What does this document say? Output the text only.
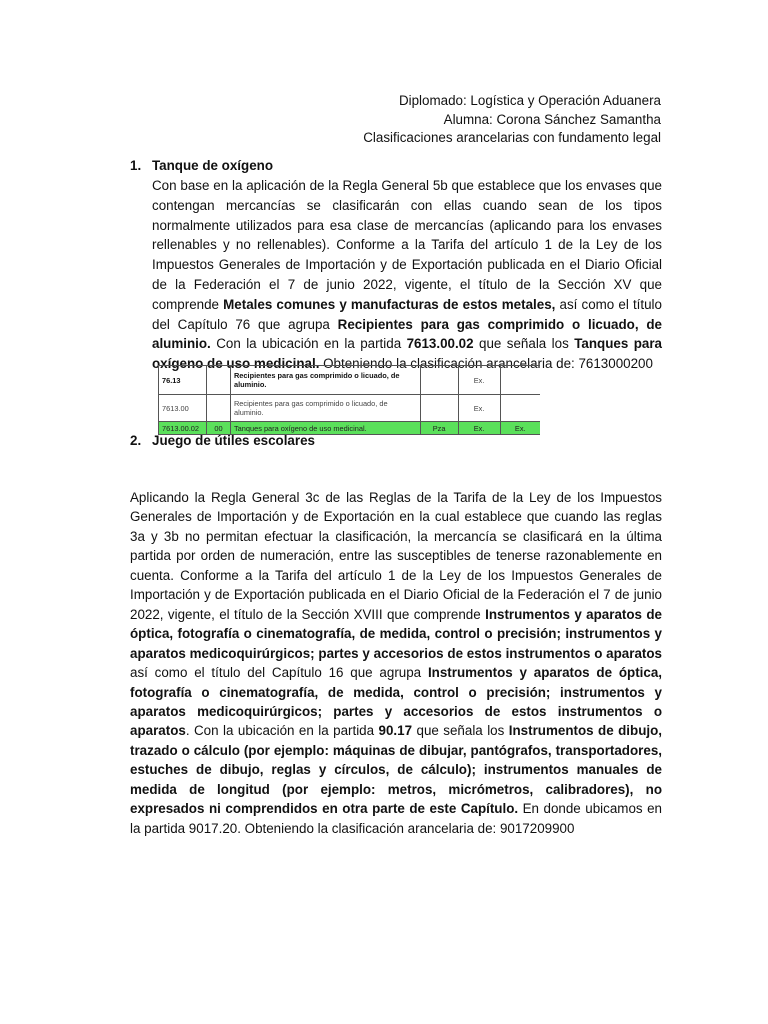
Diplomado: Logística y Operación Aduanera
Alumna: Corona Sánchez Samantha
Clasificaciones arancelarias con fundamento legal
1. Tanque de oxígeno
Con base en la aplicación de la Regla General 5b que establece que los envases que contengan mercancías se clasificarán con ellas cuando sean de los tipos normalmente utilizados para esa clase de mercancías (aplicando para los envases rellenables y no rellenables). Conforme a la Tarifa del artículo 1 de la Ley de los Impuestos Generales de Importación y de Exportación publicada en el Diario Oficial de la Federación el 7 de junio 2022, vigente, el título de la Sección XV que comprende Metales comunes y manufacturas de estos metales, así como el título del Capítulo 76 que agrupa Recipientes para gas comprimido o licuado, de aluminio. Con la ubicación en la partida 7613.00.02 que señala los Tanques para oxígeno de uso medicinal. Obteniendo la clasificación arancelaria de: 7613000200
76.13		Recipientes para gas comprimido o licuado, de aluminio.		Ex.	
7613.00		Recipientes para gas comprimido o licuado, de aluminio.		Ex.	
7613.00.02	00	Tanques para oxígeno de uso medicinal.	Pza	Ex.	Ex.
2. Juego de útiles escolares
Aplicando la Regla General 3c de las Reglas de la Tarifa de la Ley de los Impuestos Generales de Importación y de Exportación en la cual establece que cuando las reglas 3a y 3b no permitan efectuar la clasificación, la mercancía se clasificará en la última partida por orden de numeración, entre las susceptibles de tenerse razonablemente en cuenta. Conforme a la Tarifa del artículo 1 de la Ley de los Impuestos Generales de Importación y de Exportación publicada en el Diario Oficial de la Federación el 7 de junio 2022, vigente, el título de la Sección XVIII que comprende Instrumentos y aparatos de óptica, fotografía o cinematografía, de medida, control o precisión; instrumentos y aparatos medicoquirúrgicos; partes y accesorios de estos instrumentos o aparatos así como el título del Capítulo 16 que agrupa Instrumentos y aparatos de óptica, fotografía o cinematografía, de medida, control o precisión; instrumentos y aparatos medicoquirúrgicos; partes y accesorios de estos instrumentos o aparatos. Con la ubicación en la partida 90.17 que señala los Instrumentos de dibujo, trazado o cálculo (por ejemplo: máquinas de dibujar, pantógrafos, transportadores, estuches de dibujo, reglas y círculos, de cálculo); instrumentos manuales de medida de longitud (por ejemplo: metros, micrómetros, calibradores), no expresados ni comprendidos en otra parte de este Capítulo. En donde ubicamos en la partida 9017.20. Obteniendo la clasificación arancelaria de: 9017209900
